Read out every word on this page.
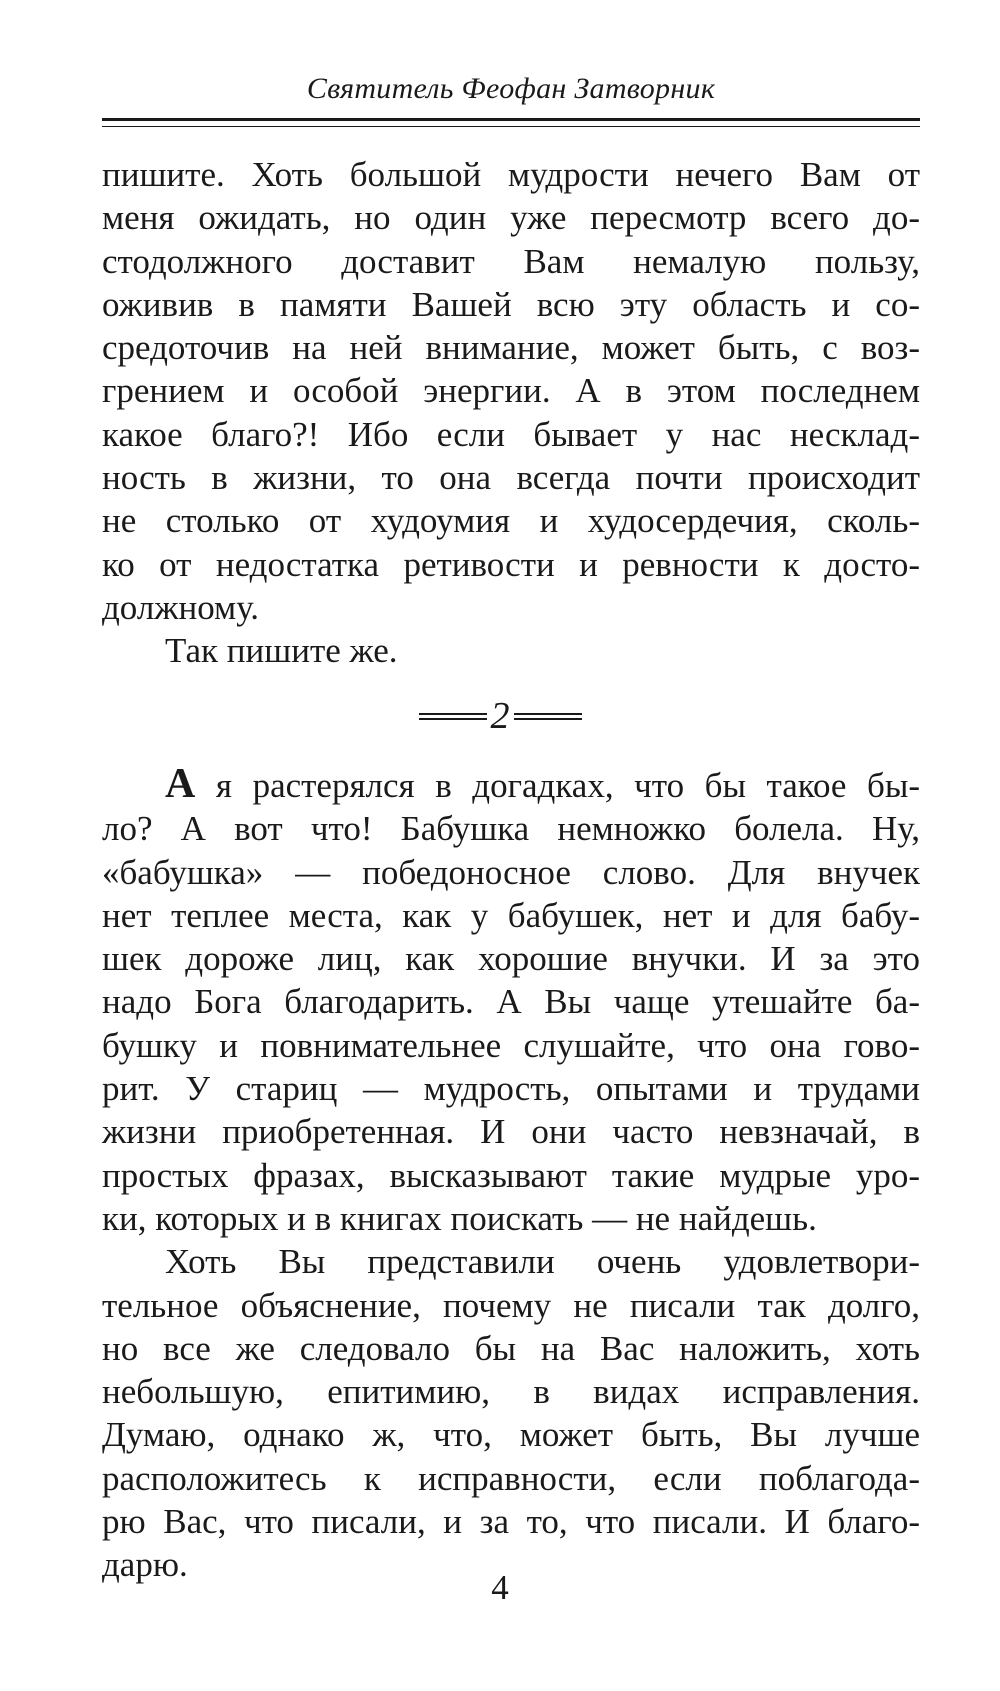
Святитель Феофан Затворник

пишите. Хоть большой мудрости нечего Вам от

меня ожидать, но один уже пересмотр всего до-

стодолжного доставит Вам немалую пользу,

оживив в памяти Вашей всю эту область и со-

средоточив на ней внимание, может быть, с воз-

грением и особой энергии. А в этом последнем

какое благо?! Ибо если бывает у нас несклад-

ность в жизни, то она всегда почти происходит

не столько от худоумия и худосердечия, сколь-

ко от недостатка ретивости и ревности к досто-

должному.

Так пишите же.

2

А я растерялся в догадках, что бы такое бы-

ло? А вот что! Бабушка немножко болела. Ну,

«бабушка» — победоносное слово. Для внучек

нет теплее места, как у бабушек, нет и для бабу-

шек дороже лиц, как хорошие внучки. И за это

надо Бога благодарить. А Вы чаще утешайте ба-

бушку и повнимательнее слушайте, что она гово-

рит. У стариц — мудрость, опытами и трудами

жизни приобретенная. И они часто невзначай, в

простых фразах, высказывают такие мудрые уро-

ки, которых и в книгах поискать — не найдешь.

Хоть Вы представили очень удовлетвори-

тельное объяснение, почему не писали так долго,

но все же следовало бы на Вас наложить, хоть

небольшую, епитимию, в видах исправления.

Думаю, однако ж, что, может быть, Вы лучше

расположитесь к исправности, если поблагода-

рю Вас, что писали, и за то, что писали. И благо-

дарю.

4
